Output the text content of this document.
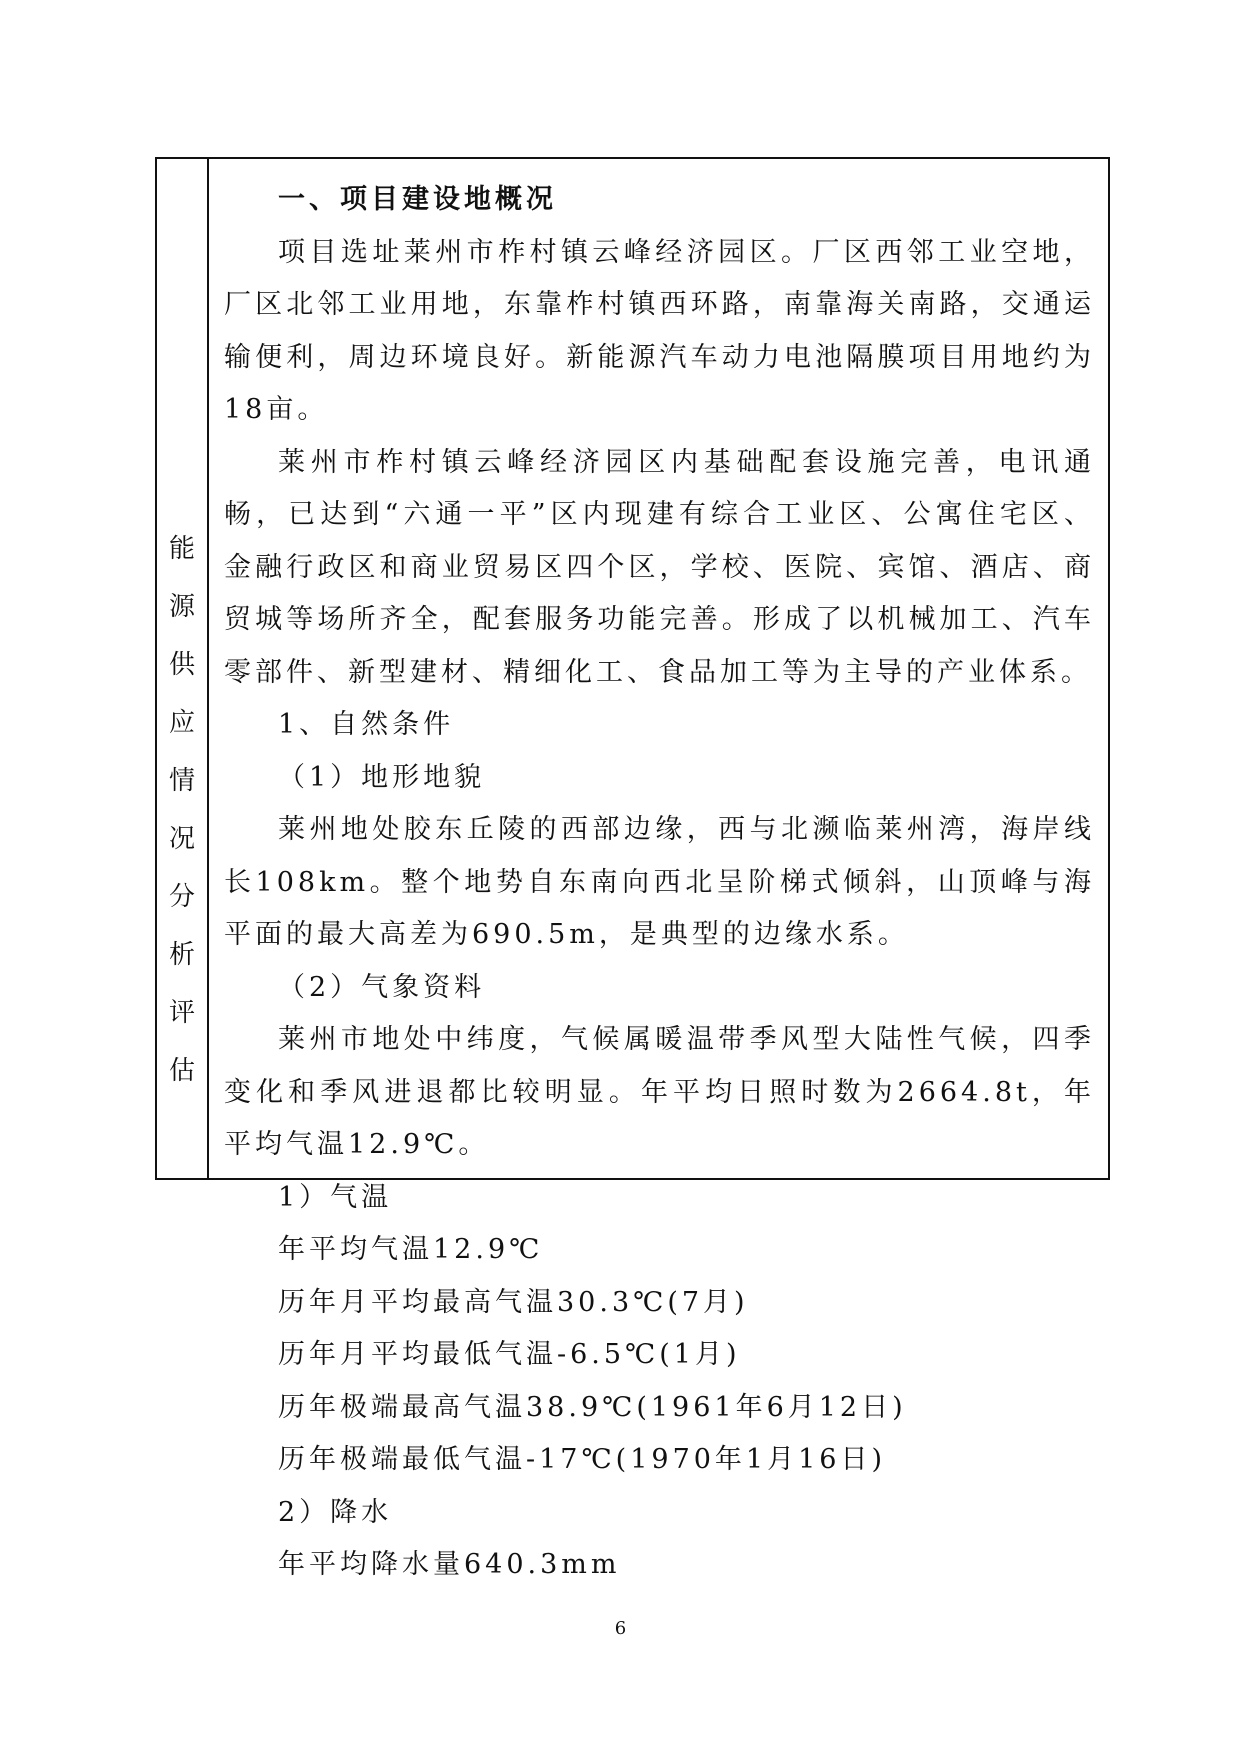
能源供应情况分析评估

一、项目建设地概况

项目选址莱州市柞村镇云峰经济园区。厂区西邻工业空地，厂区北邻工业用地，东靠柞村镇西环路，南靠海关南路，交通运输便利，周边环境良好。新能源汽车动力电池隔膜项目用地约为18亩。

莱州市柞村镇云峰经济园区内基础配套设施完善，电讯通畅，已达到“六通一平”区内现建有综合工业区、公寓住宅区、金融行政区和商业贸易区四个区，学校、医院、宾馆、酒店、商贸城等场所齐全，配套服务功能完善。形成了以机械加工、汽车零部件、新型建材、精细化工、食品加工等为主导的产业体系。

1、自然条件

（1）地形地貌

莱州地处胶东丘陵的西部边缘，西与北濒临莱州湾，海岸线长108km。整个地势自东南向西北呈阶梯式倾斜，山顶峰与海平面的最大高差为690.5m，是典型的边缘水系。

（2）气象资料

莱州市地处中纬度，气候属暖温带季风型大陆性气候，四季变化和季风进退都比较明显。年平均日照时数为2664.8t，年平均气温12.9℃。

1）气温

年平均气温12.9℃

历年月平均最高气温30.3℃(7月)

历年月平均最低气温-6.5℃(1月)

历年极端最高气温38.9℃(1961年6月12日)

历年极端最低气温-17℃(1970年1月16日)

2）降水

年平均降水量640.3mm

6
